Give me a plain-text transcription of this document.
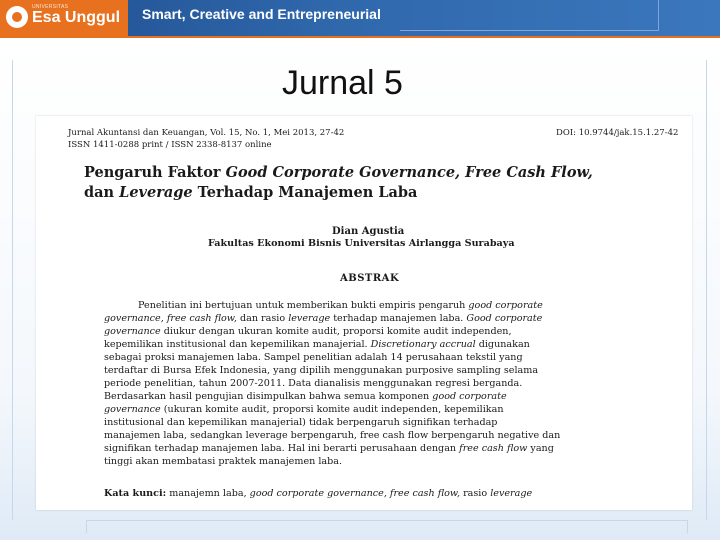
UNIVERSITAS
Esa Unggul Smart, Creative and Entrepreneurial
Jurnal 5
Jurnal Akuntansi dan Keuangan, Vol. 15, No. 1, Mei 2013, 27-42
ISSN 1411-0288 print / ISSN 2338-8137 online
DOI: 10.9744/jak.15.1.27-42
Pengaruh Faktor Good Corporate Governance, Free Cash Flow,
dan Leverage Terhadap Manajemen Laba
Dian Agustia
Fakultas Ekonomi Bisnis Universitas Airlangga Surabaya
ABSTRAK
Penelitian ini bertujuan untuk memberikan bukti empiris pengaruh good corporate
governance, free cash flow, dan rasio leverage terhadap manajemen laba. Good corporate
governance diukur dengan ukuran komite audit, proporsi komite audit independen,
kepemilikan institusional dan kepemilikan manajerial. Discretionary accrual digunakan
sebagai proksi manajemen laba. Sampel penelitian adalah 14 perusahaan tekstil yang
terdaftar di Bursa Efek Indonesia, yang dipilih menggunakan purposive sampling selama
periode penelitian, tahun 2007-2011. Data dianalisis menggunakan regresi berganda.
Berdasarkan hasil pengujian disimpulkan bahwa semua komponen good corporate
governance (ukuran komite audit, proporsi komite audit independen, kepemilikan
institusional dan kepemilikan manajerial) tidak berpengaruh signifikan terhadap
manajemen laba, sedangkan leverage berpengaruh, free cash flow berpengaruh negative dan
signifikan terhadap manajemen laba. Hal ini berarti perusahaan dengan free cash flow yang
tinggi akan membatasi praktek manajemen laba.
Kata kunci: manajemn laba, good corporate governance, free cash flow, rasio leverage
